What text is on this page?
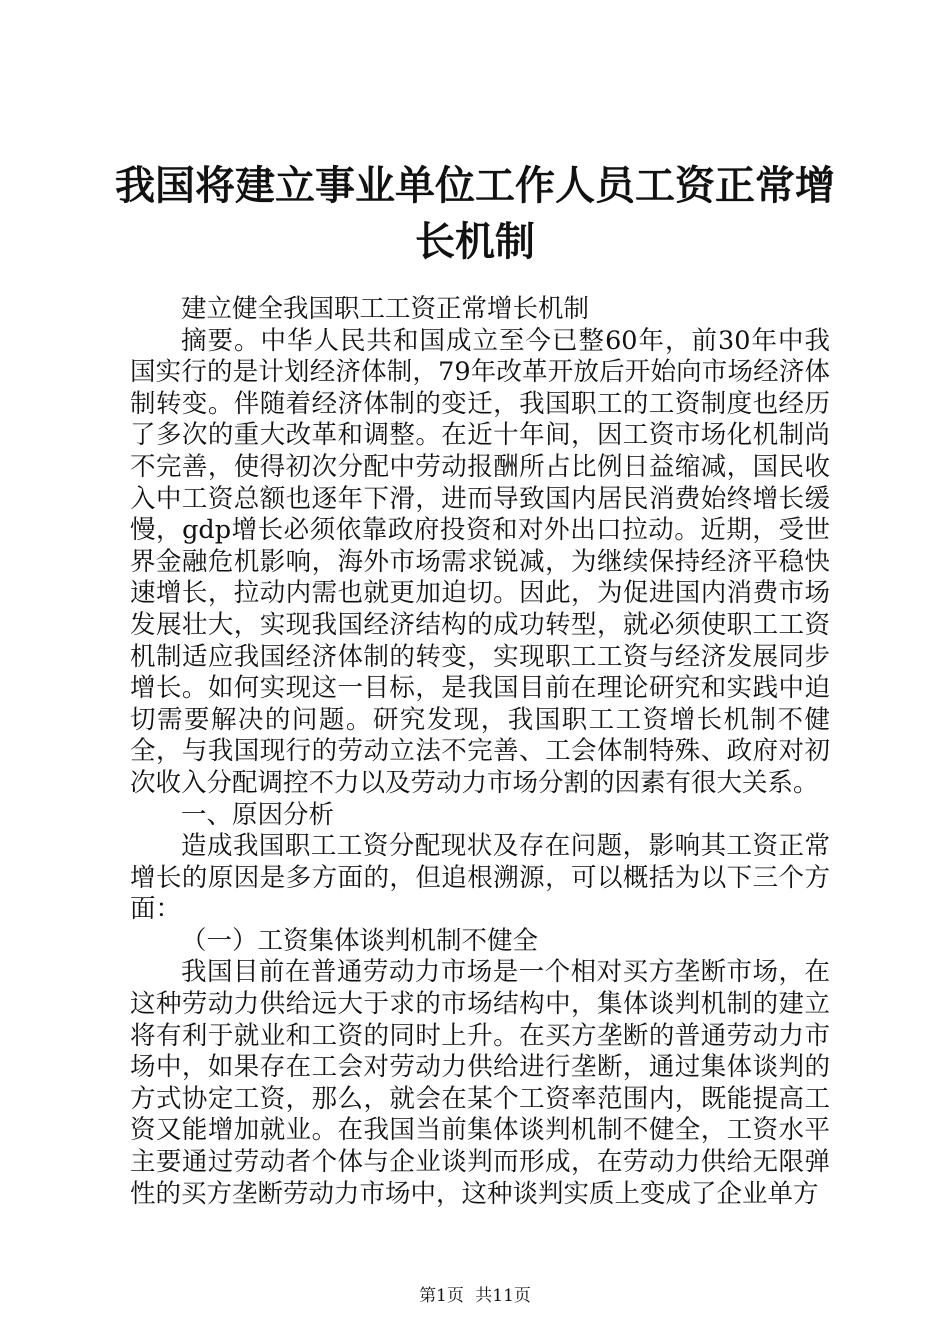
我国将建立事业单位工作人员工资正常增长机制

建立健全我国职工工资正常增长机制

摘要。中华人民共和国成立至今已整60年，前30年中我国实行的是计划经济体制，79年改革开放后开始向市场经济体制转变。伴随着经济体制的变迁，我国职工的工资制度也经历了多次的重大改革和调整。在近十年间，因工资市场化机制尚不完善，使得初次分配中劳动报酬所占比例日益缩减，国民收入中工资总额也逐年下滑，进而导致国内居民消费始终增长缓慢，gdp增长必须依靠政府投资和对外出口拉动。近期，受世界金融危机影响，海外市场需求锐减，为继续保持经济平稳快速增长，拉动内需也就更加迫切。因此，为促进国内消费市场发展壮大，实现我国经济结构的成功转型，就必须使职工工资机制适应我国经济体制的转变，实现职工工资与经济发展同步增长。如何实现这一目标，是我国目前在理论研究和实践中迫切需要解决的问题。研究发现，我国职工工资增长机制不健全，与我国现行的劳动立法不完善、工会体制特殊、政府对初次收入分配调控不力以及劳动力市场分割的因素有很大关系。

一、原因分析

造成我国职工工资分配现状及存在问题，影响其工资正常增长的原因是多方面的，但追根溯源，可以概括为以下三个方面：

（一）工资集体谈判机制不健全

我国目前在普通劳动力市场是一个相对买方垄断市场，在这种劳动力供给远大于求的市场结构中，集体谈判机制的建立将有利于就业和工资的同时上升。在买方垄断的普通劳动力市场中，如果存在工会对劳动力供给进行垄断，通过集体谈判的方式协定工资，那么，就会在某个工资率范围内，既能提高工资又能增加就业。在我国当前集体谈判机制不健全，工资水平主要通过劳动者个体与企业谈判而形成，在劳动力供给无限弹性的买方垄断劳动力市场中，这种谈判实质上变成了企业单方

第1页 共11页
